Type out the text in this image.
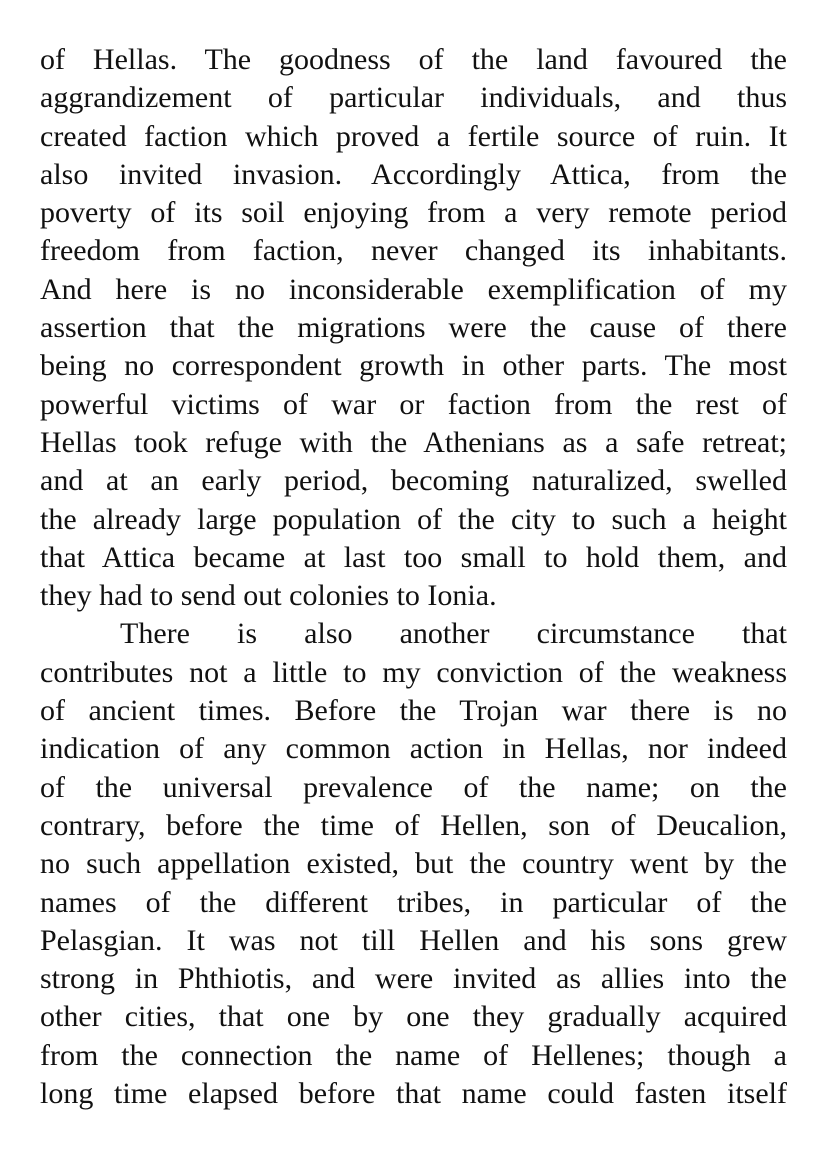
of Hellas. The goodness of the land favoured the
aggrandizement of particular individuals, and thus
created faction which proved a fertile source of ruin. It
also invited invasion. Accordingly Attica, from the
poverty of its soil enjoying from a very remote period
freedom from faction, never changed its inhabitants.
And here is no inconsiderable exemplification of my
assertion that the migrations were the cause of there
being no correspondent growth in other parts. The most
powerful victims of war or faction from the rest of
Hellas took refuge with the Athenians as a safe retreat;
and at an early period, becoming naturalized, swelled
the already large population of the city to such a height
that Attica became at last too small to hold them, and
they had to send out colonies to Ionia.
There is also another circumstance that
contributes not a little to my conviction of the weakness
of ancient times. Before the Trojan war there is no
indication of any common action in Hellas, nor indeed
of the universal prevalence of the name; on the
contrary, before the time of Hellen, son of Deucalion,
no such appellation existed, but the country went by the
names of the different tribes, in particular of the
Pelasgian. It was not till Hellen and his sons grew
strong in Phthiotis, and were invited as allies into the
other cities, that one by one they gradually acquired
from the connection the name of Hellenes; though a
long time elapsed before that name could fasten itself
